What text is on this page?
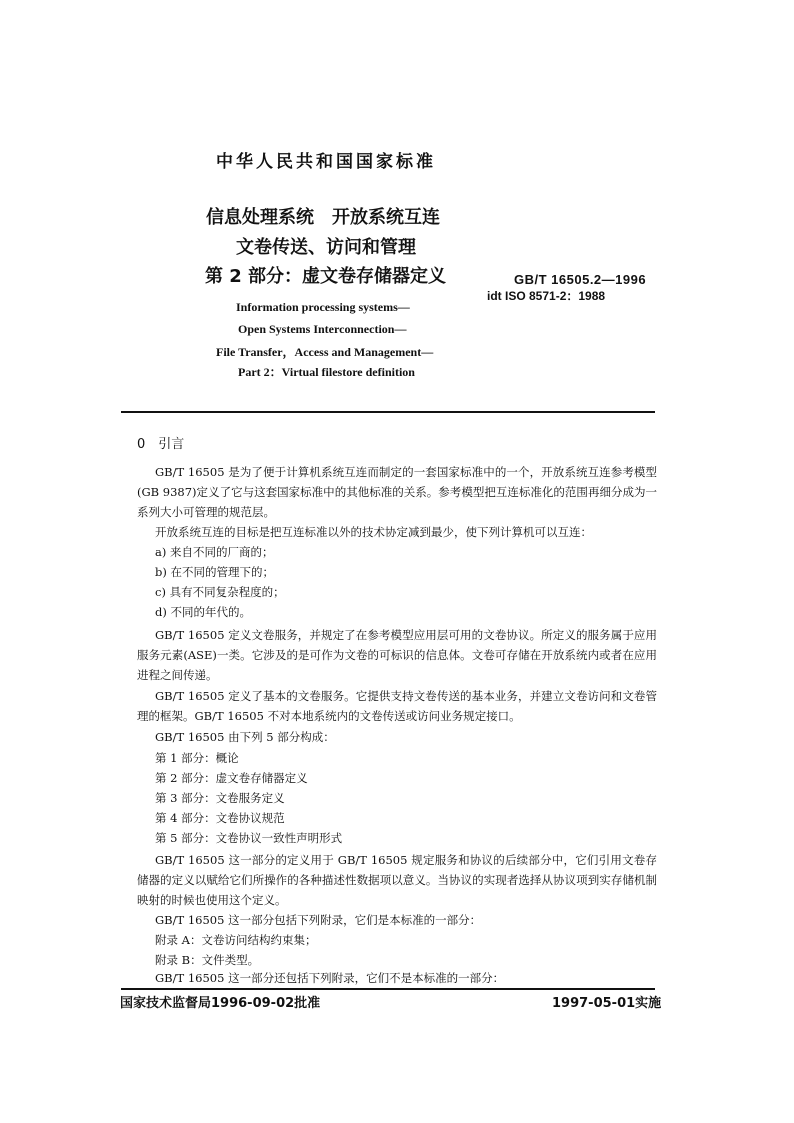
中华人民共和国国家标准
信息处理系统　开放系统互连
文卷传送、访问和管理
第 2 部分：虚文卷存储器定义	GB/T 16505.2—1996
idt ISO 8571-2：1988
Information processing systems—
Open Systems Interconnection—
File Transfer，Access and Management—
Part 2：Virtual filestore definition
0　引言
GB/T 16505 是为了便于计算机系统互连而制定的一套国家标准中的一个，开放系统互连参考模型(GB 9387)定义了它与这套国家标准中的其他标准的关系。参考模型把互连标准化的范围再细分成为一系列大小可管理的规范层。
开放系统互连的目标是把互连标准以外的技术协定减到最少，使下列计算机可以互连：
a) 来自不同的厂商的；
b) 在不同的管理下的；
c) 具有不同复杂程度的；
d) 不同的年代的。
GB/T 16505 定义文卷服务，并规定了在参考模型应用层可用的文卷协议。所定义的服务属于应用服务元素(ASE)一类。它涉及的是可作为文卷的可标识的信息体。文卷可存储在开放系统内或者在应用进程之间传递。
GB/T 16505 定义了基本的文卷服务。它提供支持文卷传送的基本业务，并建立文卷访问和文卷管理的框架。GB/T 16505 不对本地系统内的文卷传送或访问业务规定接口。
GB/T 16505 由下列 5 部分构成：
第 1 部分：概论
第 2 部分：虚文卷存储器定义
第 3 部分：文卷服务定义
第 4 部分：文卷协议规范
第 5 部分：文卷协议一致性声明形式
GB/T 16505 这一部分的定义用于 GB/T 16505 规定服务和协议的后续部分中，它们引用文卷存储器的定义以赋给它们所操作的各种描述性数据项以意义。当协议的实现者选择从协议项到实存储机制映射的时候也使用这个定义。
GB/T 16505 这一部分包括下列附录，它们是本标准的一部分：
附录 A：文卷访问结构约束集；
附录 B：文件类型。
GB/T 16505 这一部分还包括下列附录，它们不是本标准的一部分：
国家技术监督局1996-09-02批准	1997-05-01实施
